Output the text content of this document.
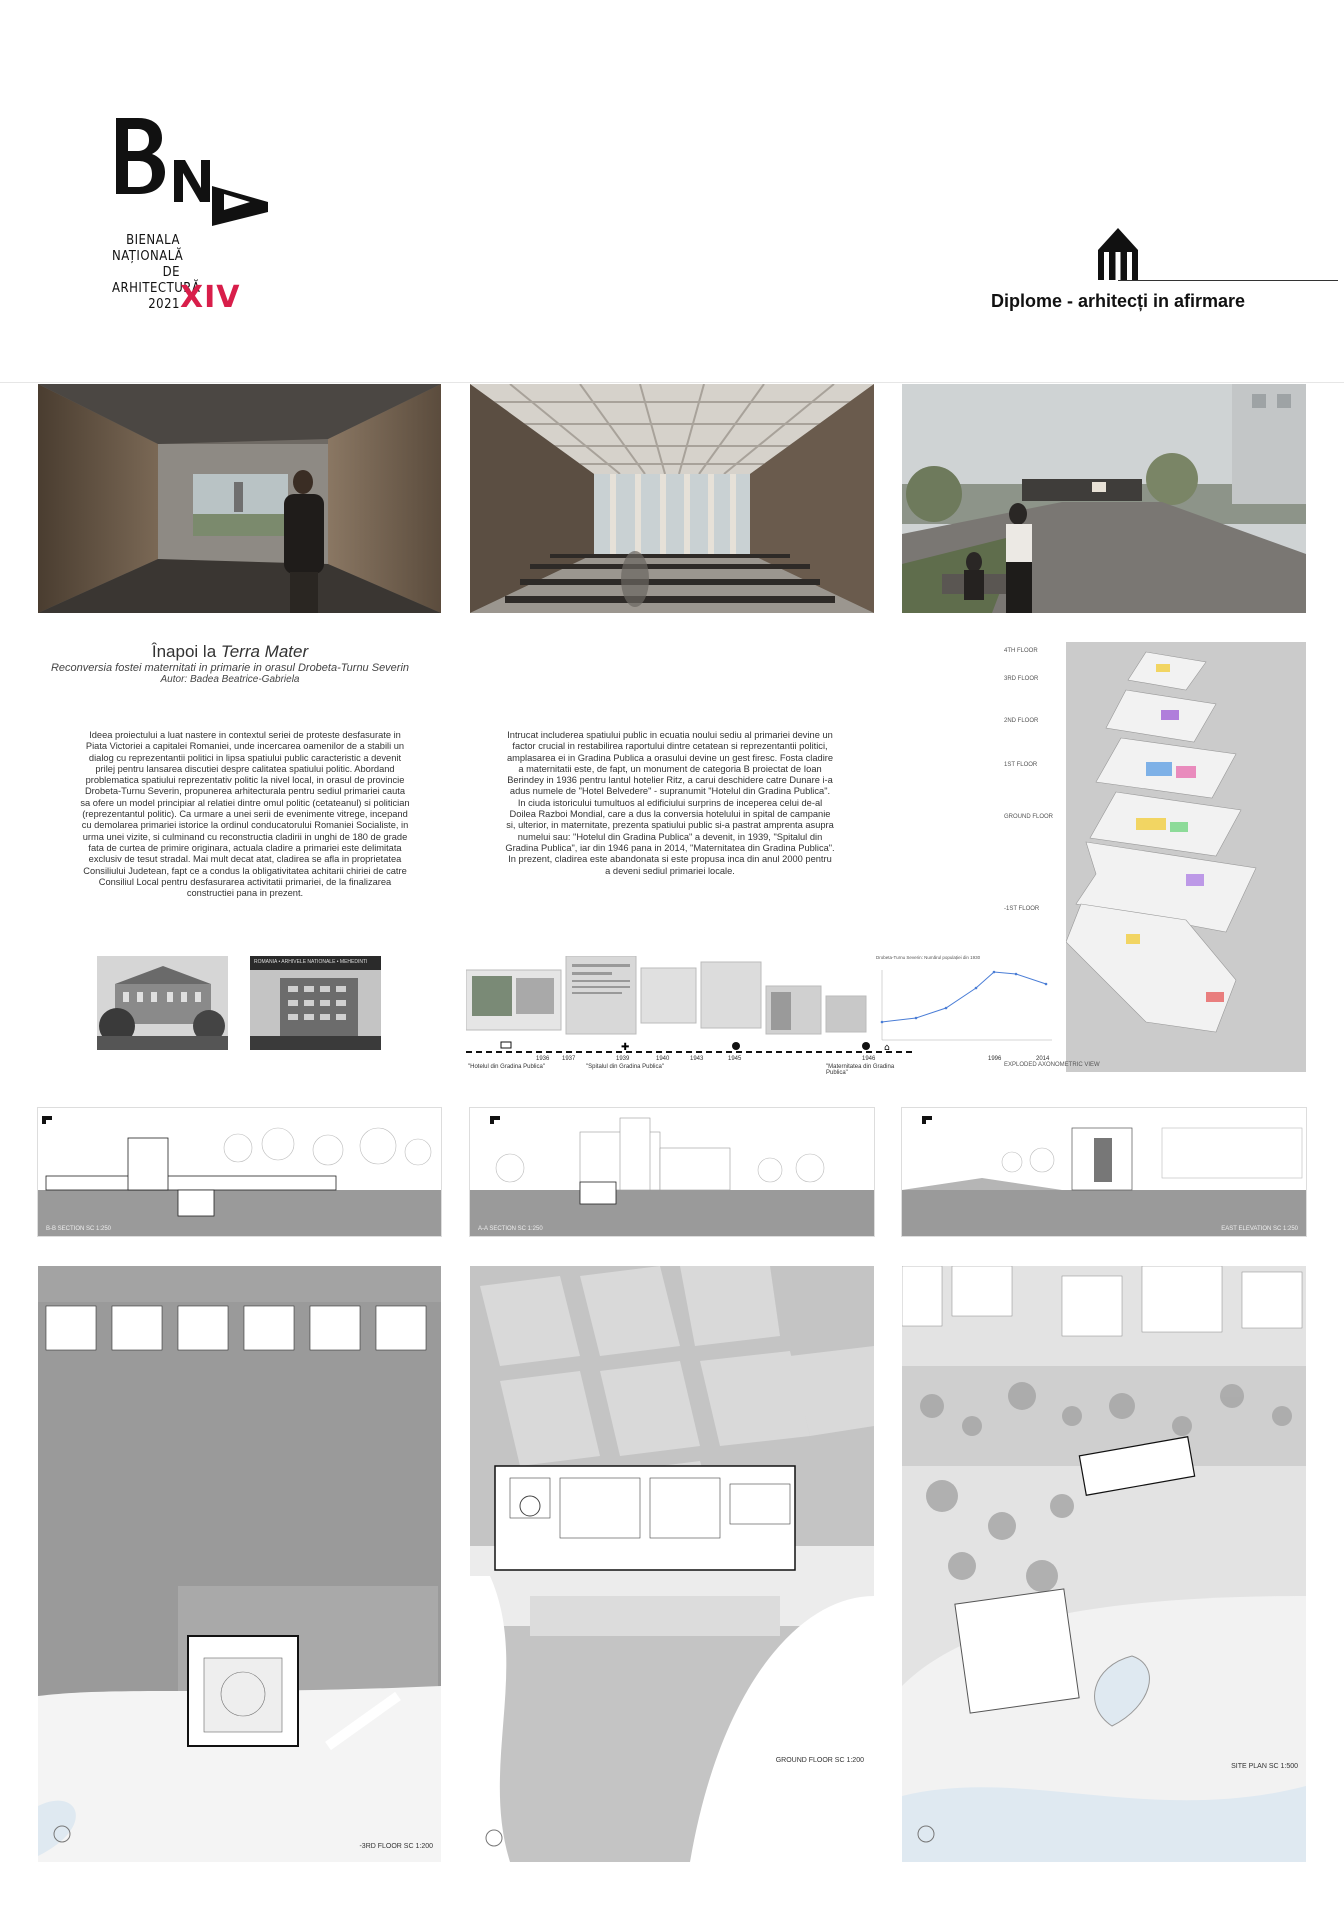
BIENALA
NAȚIONALĂ
DE
ARHITECTURĂ
2021 XIV	Diplome - arhitecți in afirmare
Înapoi la Terra Mater
Reconversia fostei maternitati in primarie in orasul Drobeta-Turnu Severin
Autor: Badea Beatrice-Gabriela
Ideea proiectului a luat nastere in contextul seriei de proteste desfasurate in Piata Victoriei a capitalei Romaniei, unde incercarea oamenilor de a stabili un dialog cu reprezentantii politici in lipsa spatiului public caracteristic a devenit prilej pentru lansarea discutiei despre calitatea spatiului politic. Abordand problematica spatiului reprezentativ politic la nivel local, in orasul de provincie Drobeta-Turnu Severin, propunerea arhitecturala pentru sediul primariei cauta sa ofere un model principiar al relatiei dintre omul politic (cetateanul) si politician (reprezentantul politic). Ca urmare a unei serii de evenimente vitrege, incepand cu demolarea primariei istorice la ordinul conducatorului Romaniei Socialiste, in urma unei vizite, si culminand cu reconstructia cladirii in unghi de 180 de grade fata de curtea de primire originara, actuala cladire a primariei este delimitata exclusiv de tesut stradal. Mai mult decat atat, cladirea se afla in proprietatea Consiliului Judetean, fapt ce a condus la obligativitatea achitarii chiriei de catre Consiliul Local pentru desfasurarea activitatii primariei, de la finalizarea constructiei pana in prezent.
Intrucat includerea spatiului public in ecuatia noului sediu al primariei devine un factor crucial in restabilirea raportului dintre cetatean si reprezentantii politici, amplasarea ei in Gradina Publica a orasului devine un gest firesc. Fosta cladire a maternitatii este, de fapt, un monument de categoria B proiectat de Ioan Berindey in 1936 pentru lantul hotelier Ritz, a carui deschidere catre Dunare i-a adus numele de "Hotel Belvedere" - supranumit "Hotelul din Gradina Publica". In ciuda istoricului tumultuos al edificiului surprins de inceperea celui de-al Doilea Razboi Mondial, care a dus la conversia hotelului in spital de campanie si, ulterior, in maternitate, prezenta spatiului public si-a pastrat amprenta asupra numelui sau: "Hotelul din Gradina Publica" a devenit, in 1939, "Spitalul din Gradina Publica", iar din 1946 pana in 2014, "Maternitatea din Gradina Publica". In prezent, cladirea este abandonata si este propusa inca din anul 2000 pentru a deveni sediul primariei locale.
ROMANIA • ARHIVELE NATIONALE • MEHEDINTI
✚	⌂
1936 1937	1939	1940	1943	1945	1946
"Hotelul din Gradina Publica"	"Spitalul din Gradina Publica"	"Maternitatea din Gradina Publica"
Drobeta-Turnu Severin: Numărul populației din 1930
1996	2014
4TH FLOOR
3RD FLOOR
2ND FLOOR
1ST FLOOR
GROUND FLOOR
-1ST FLOOR
EXPLODED AXONOMETRIC VIEW
B-B SECTION SC 1:250	A-A SECTION SC 1:250	EAST ELEVATION SC 1:250
-3RD FLOOR SC 1:200
GROUND FLOOR SC 1:200
SITE PLAN SC 1:500
